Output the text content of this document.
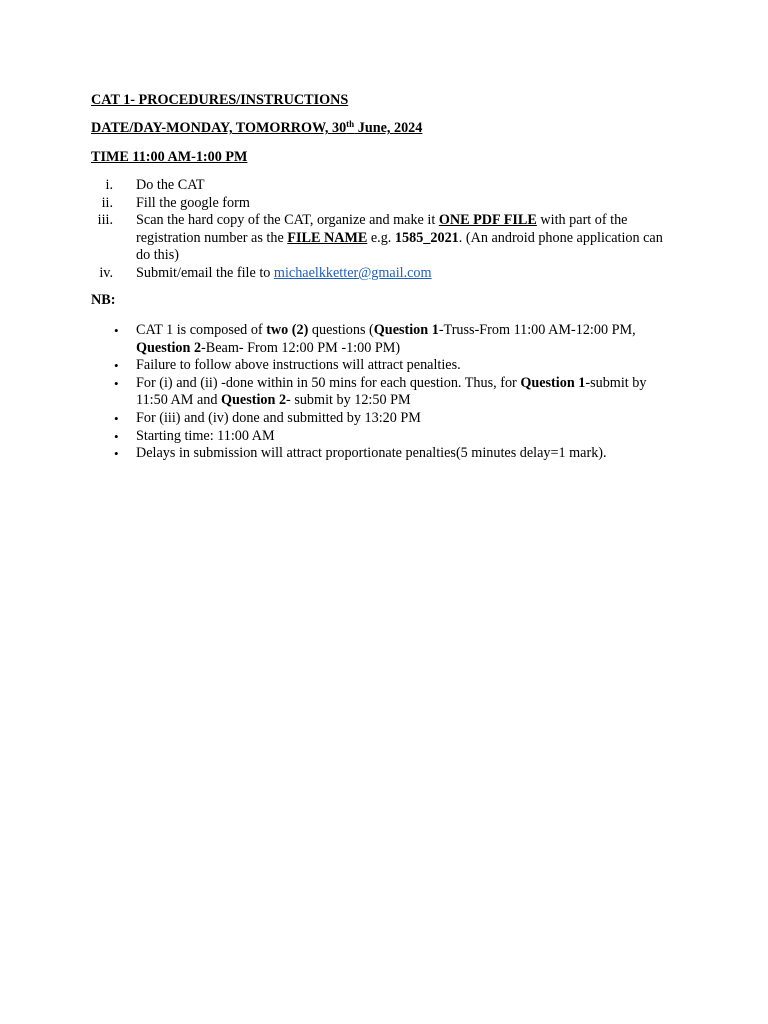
CAT 1- PROCEDURES/INSTRUCTIONS
DATE/DAY-MONDAY, TOMORROW, 30th June, 2024
TIME 11:00 AM-1:00 PM
i. Do the CAT
ii. Fill the google form
iii. Scan the hard copy of the CAT, organize and make it ONE PDF FILE with part of the registration number as the FILE NAME e.g. 1585_2021. (An android phone application can do this)
iv. Submit/email the file to michaelkketter@gmail.com
NB:
• CAT 1 is composed of two (2) questions (Question 1-Truss-From 11:00 AM-12:00 PM, Question 2-Beam- From 12:00 PM -1:00 PM)
• Failure to follow above instructions will attract penalties.
• For (i) and (ii) -done within in 50 mins for each question. Thus, for Question 1-submit by 11:50 AM and Question 2- submit by 12:50 PM
• For (iii) and (iv) done and submitted by 13:20 PM
• Starting time: 11:00 AM
• Delays in submission will attract proportionate penalties(5 minutes delay=1 mark).
